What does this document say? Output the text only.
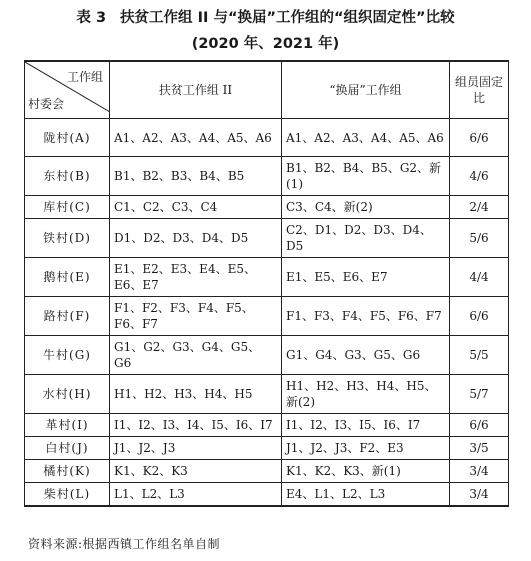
表 3 扶贫工作组 II 与“换届”工作组的“组织固定性”比较
(2020 年、2021 年)
工作组
村委会	扶贫工作组 II	“换届”工作组	组员固定比
陇村(A)	A1、A2、A3、A4、A5、A6	A1、A2、A3、A4、A5、A6	6/6
东村(B)	B1、B2、B3、B4、B5	B1、B2、B4、B5、G2、新(1)	4/6
库村(C)	C1、C2、C3、C4	C3、C4、新(2)	2/4
铁村(D)	D1、D2、D3、D4、D5	C2、D1、D2、D3、D4、D5	5/6
鹅村(E)	E1、E2、E3、E4、E5、E6、E7	E1、E5、E6、E7	4/4
路村(F)	F1、F2、F3、F4、F5、F6、F7	F1、F3、F4、F5、F6、F7	6/6
牛村(G)	G1、G2、G3、G4、G5、G6	G1、G4、G3、G5、G6	5/5
水村(H)	H1、H2、H3、H4、H5	H1、H2、H3、H4、H5、新(2)	5/7
革村(I)	I1、I2、I3、I4、I5、I6、I7	I1、I2、I3、I5、I6、I7	6/6
白村(J)	J1、J2、J3	J1、J2、J3、F2、E3	3/5
橘村(K)	K1、K2、K3	K1、K2、K3、新(1)	3/4
柴村(L)	L1、L2、L3	E4、L1、L2、L3	3/4
资料来源:根据西镇工作组名单自制
